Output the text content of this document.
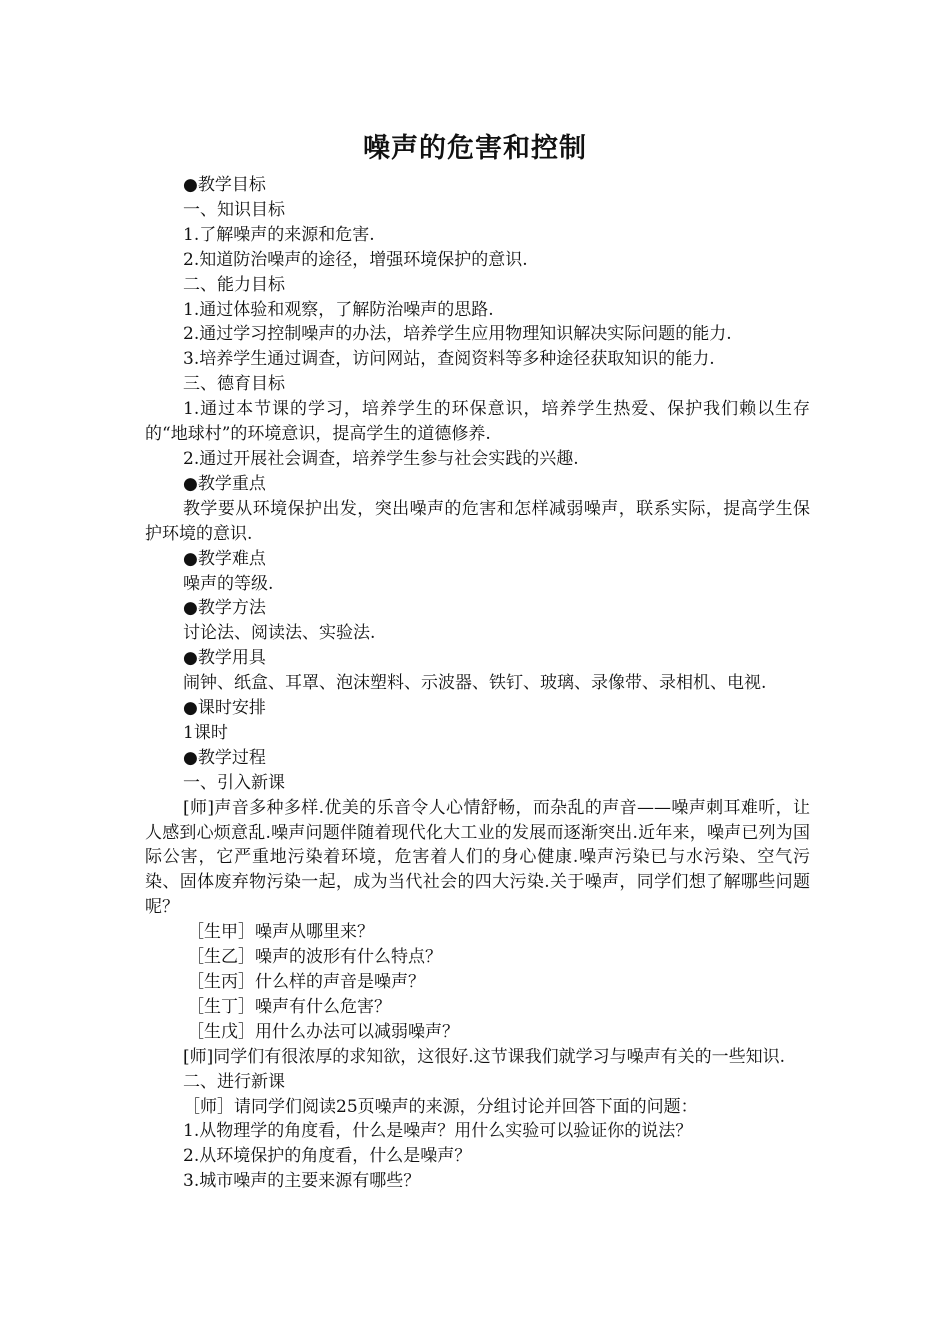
噪声的危害和控制

●教学目标

一、知识目标

1.了解噪声的来源和危害.

2.知道防治噪声的途径，增强环境保护的意识.

二、能力目标

1.通过体验和观察，了解防治噪声的思路.

2.通过学习控制噪声的办法，培养学生应用物理知识解决实际问题的能力.

3.培养学生通过调查，访问网站，查阅资料等多种途径获取知识的能力.

三、德育目标

1.通过本节课的学习，培养学生的环保意识，培养学生热爱、保护我们赖以生存的“地球村”的环境意识，提高学生的道德修养.

2.通过开展社会调查，培养学生参与社会实践的兴趣.

●教学重点

教学要从环境保护出发，突出噪声的危害和怎样减弱噪声，联系实际，提高学生保护环境的意识.

●教学难点

噪声的等级.

●教学方法

讨论法、阅读法、实验法.

●教学用具

闹钟、纸盒、耳罩、泡沫塑料、示波器、铁钉、玻璃、录像带、录相机、电视.

●课时安排

1课时

●教学过程

一、引入新课

[师]声音多种多样.优美的乐音令人心情舒畅，而杂乱的声音——噪声刺耳难听，让人感到心烦意乱.噪声问题伴随着现代化大工业的发展而逐渐突出.近年来，噪声已列为国际公害，它严重地污染着环境，危害着人们的身心健康.噪声污染已与水污染、空气污染、固体废弃物污染一起，成为当代社会的四大污染.关于噪声，同学们想了解哪些问题呢？

［生甲］噪声从哪里来？

［生乙］噪声的波形有什么特点？

［生丙］什么样的声音是噪声？

［生丁］噪声有什么危害？

［生戊］用什么办法可以减弱噪声？

[师]同学们有很浓厚的求知欲，这很好.这节课我们就学习与噪声有关的一些知识.

二、进行新课

［师］请同学们阅读25页噪声的来源，分组讨论并回答下面的问题：

1.从物理学的角度看，什么是噪声？用什么实验可以验证你的说法？

2.从环境保护的角度看，什么是噪声？

3.城市噪声的主要来源有哪些？
